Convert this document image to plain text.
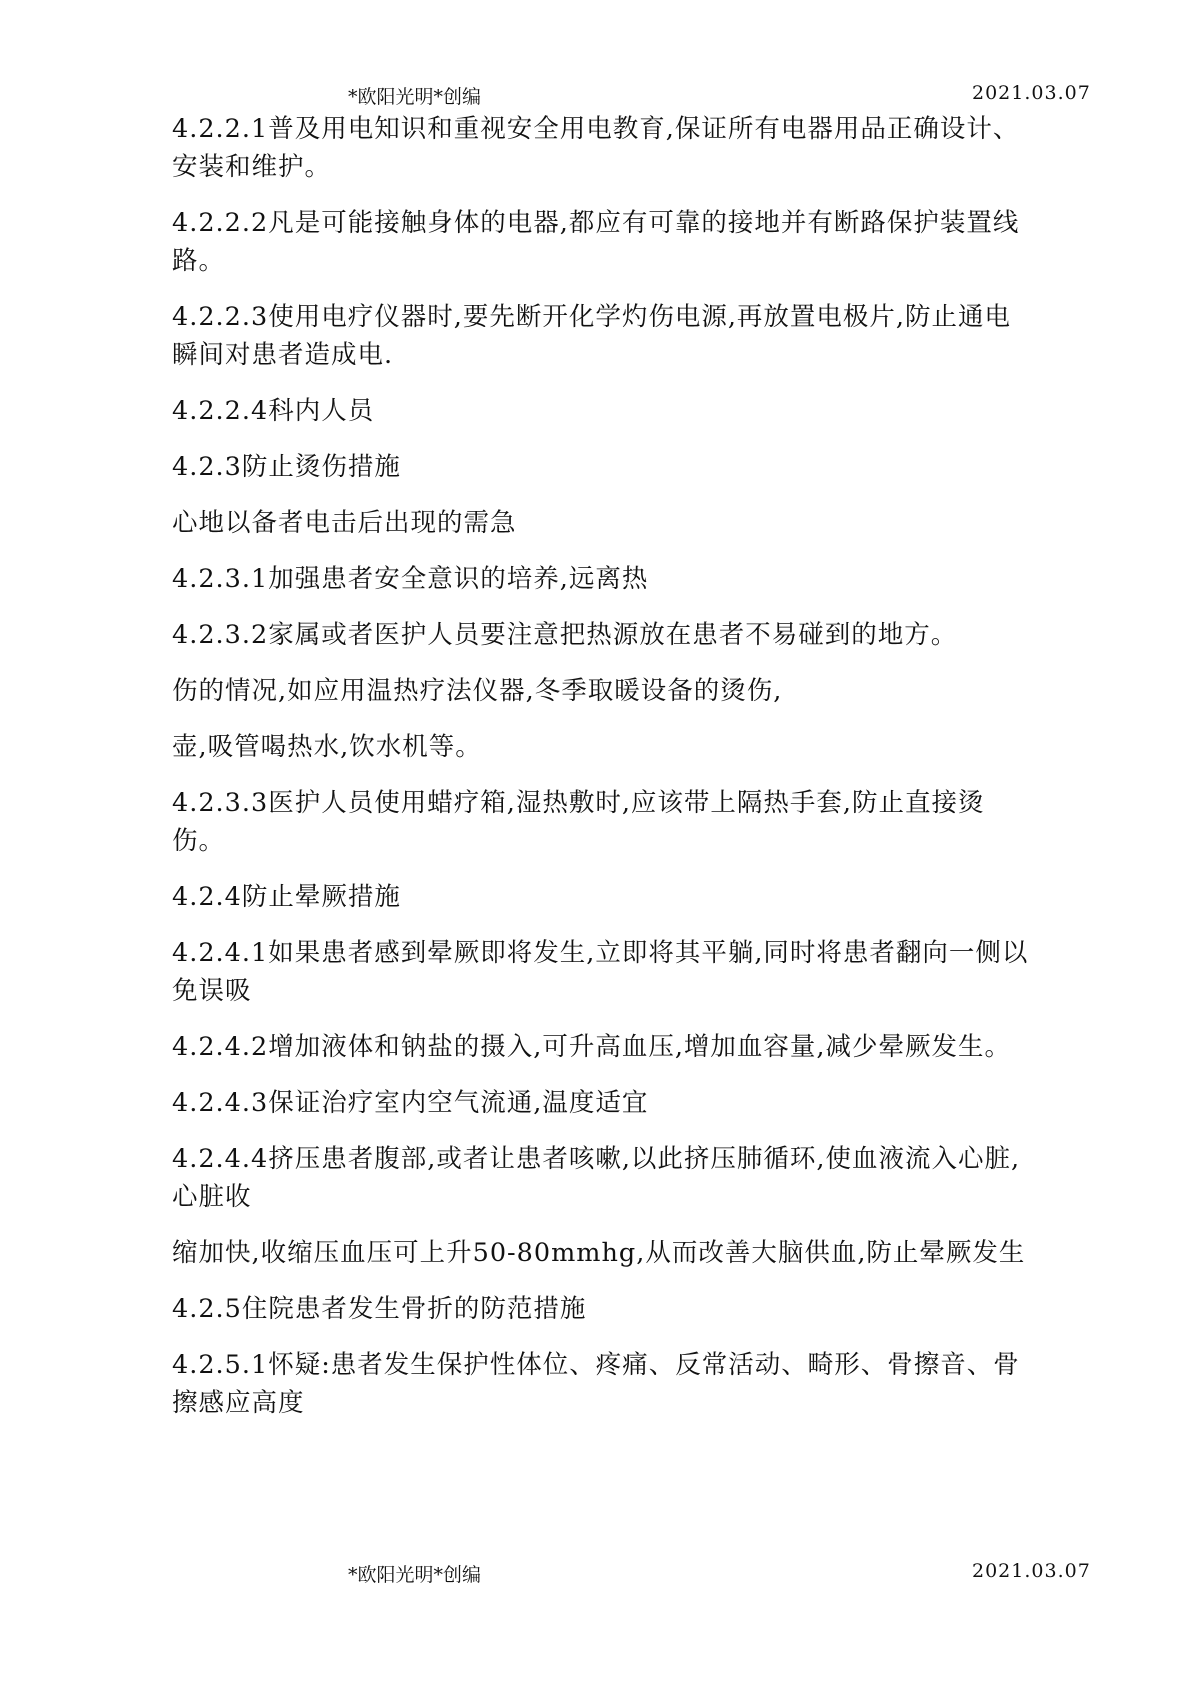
*欧阳光明*创编	2021.03.07

4.2.2.1普及用电知识和重视安全用电教育,保证所有电器用品正确设计、安装和维护。

4.2.2.2凡是可能接触身体的电器,都应有可靠的接地并有断路保护装置线路。

4.2.2.3使用电疗仪器时,要先断开化学灼伤电源,再放置电极片,防止通电瞬间对患者造成电.

4.2.2.4科内人员

4.2.3防止烫伤措施

心地以备者电击后出现的需急

4.2.3.1加强患者安全意识的培养,远离热

4.2.3.2家属或者医护人员要注意把热源放在患者不易碰到的地方。

伤的情况,如应用温热疗法仪器,冬季取暖设备的烫伤,

壶,吸管喝热水,饮水机等。

4.2.3.3医护人员使用蜡疗箱,湿热敷时,应该带上隔热手套,防止直接烫伤。

4.2.4防止晕厥措施

4.2.4.1如果患者感到晕厥即将发生,立即将其平躺,同时将患者翻向一侧以免误吸

4.2.4.2增加液体和钠盐的摄入,可升高血压,增加血容量,减少晕厥发生。

4.2.4.3保证治疗室内空气流通,温度适宜

4.2.4.4挤压患者腹部,或者让患者咳嗽,以此挤压肺循环,使血液流入心脏,心脏收

缩加快,收缩压血压可上升50-80mmhg,从而改善大脑供血,防止晕厥发生

4.2.5住院患者发生骨折的防范措施

4.2.5.1怀疑:患者发生保护性体位、疼痛、反常活动、畸形、骨擦音、骨擦感应高度

*欧阳光明*创编	2021.03.07
